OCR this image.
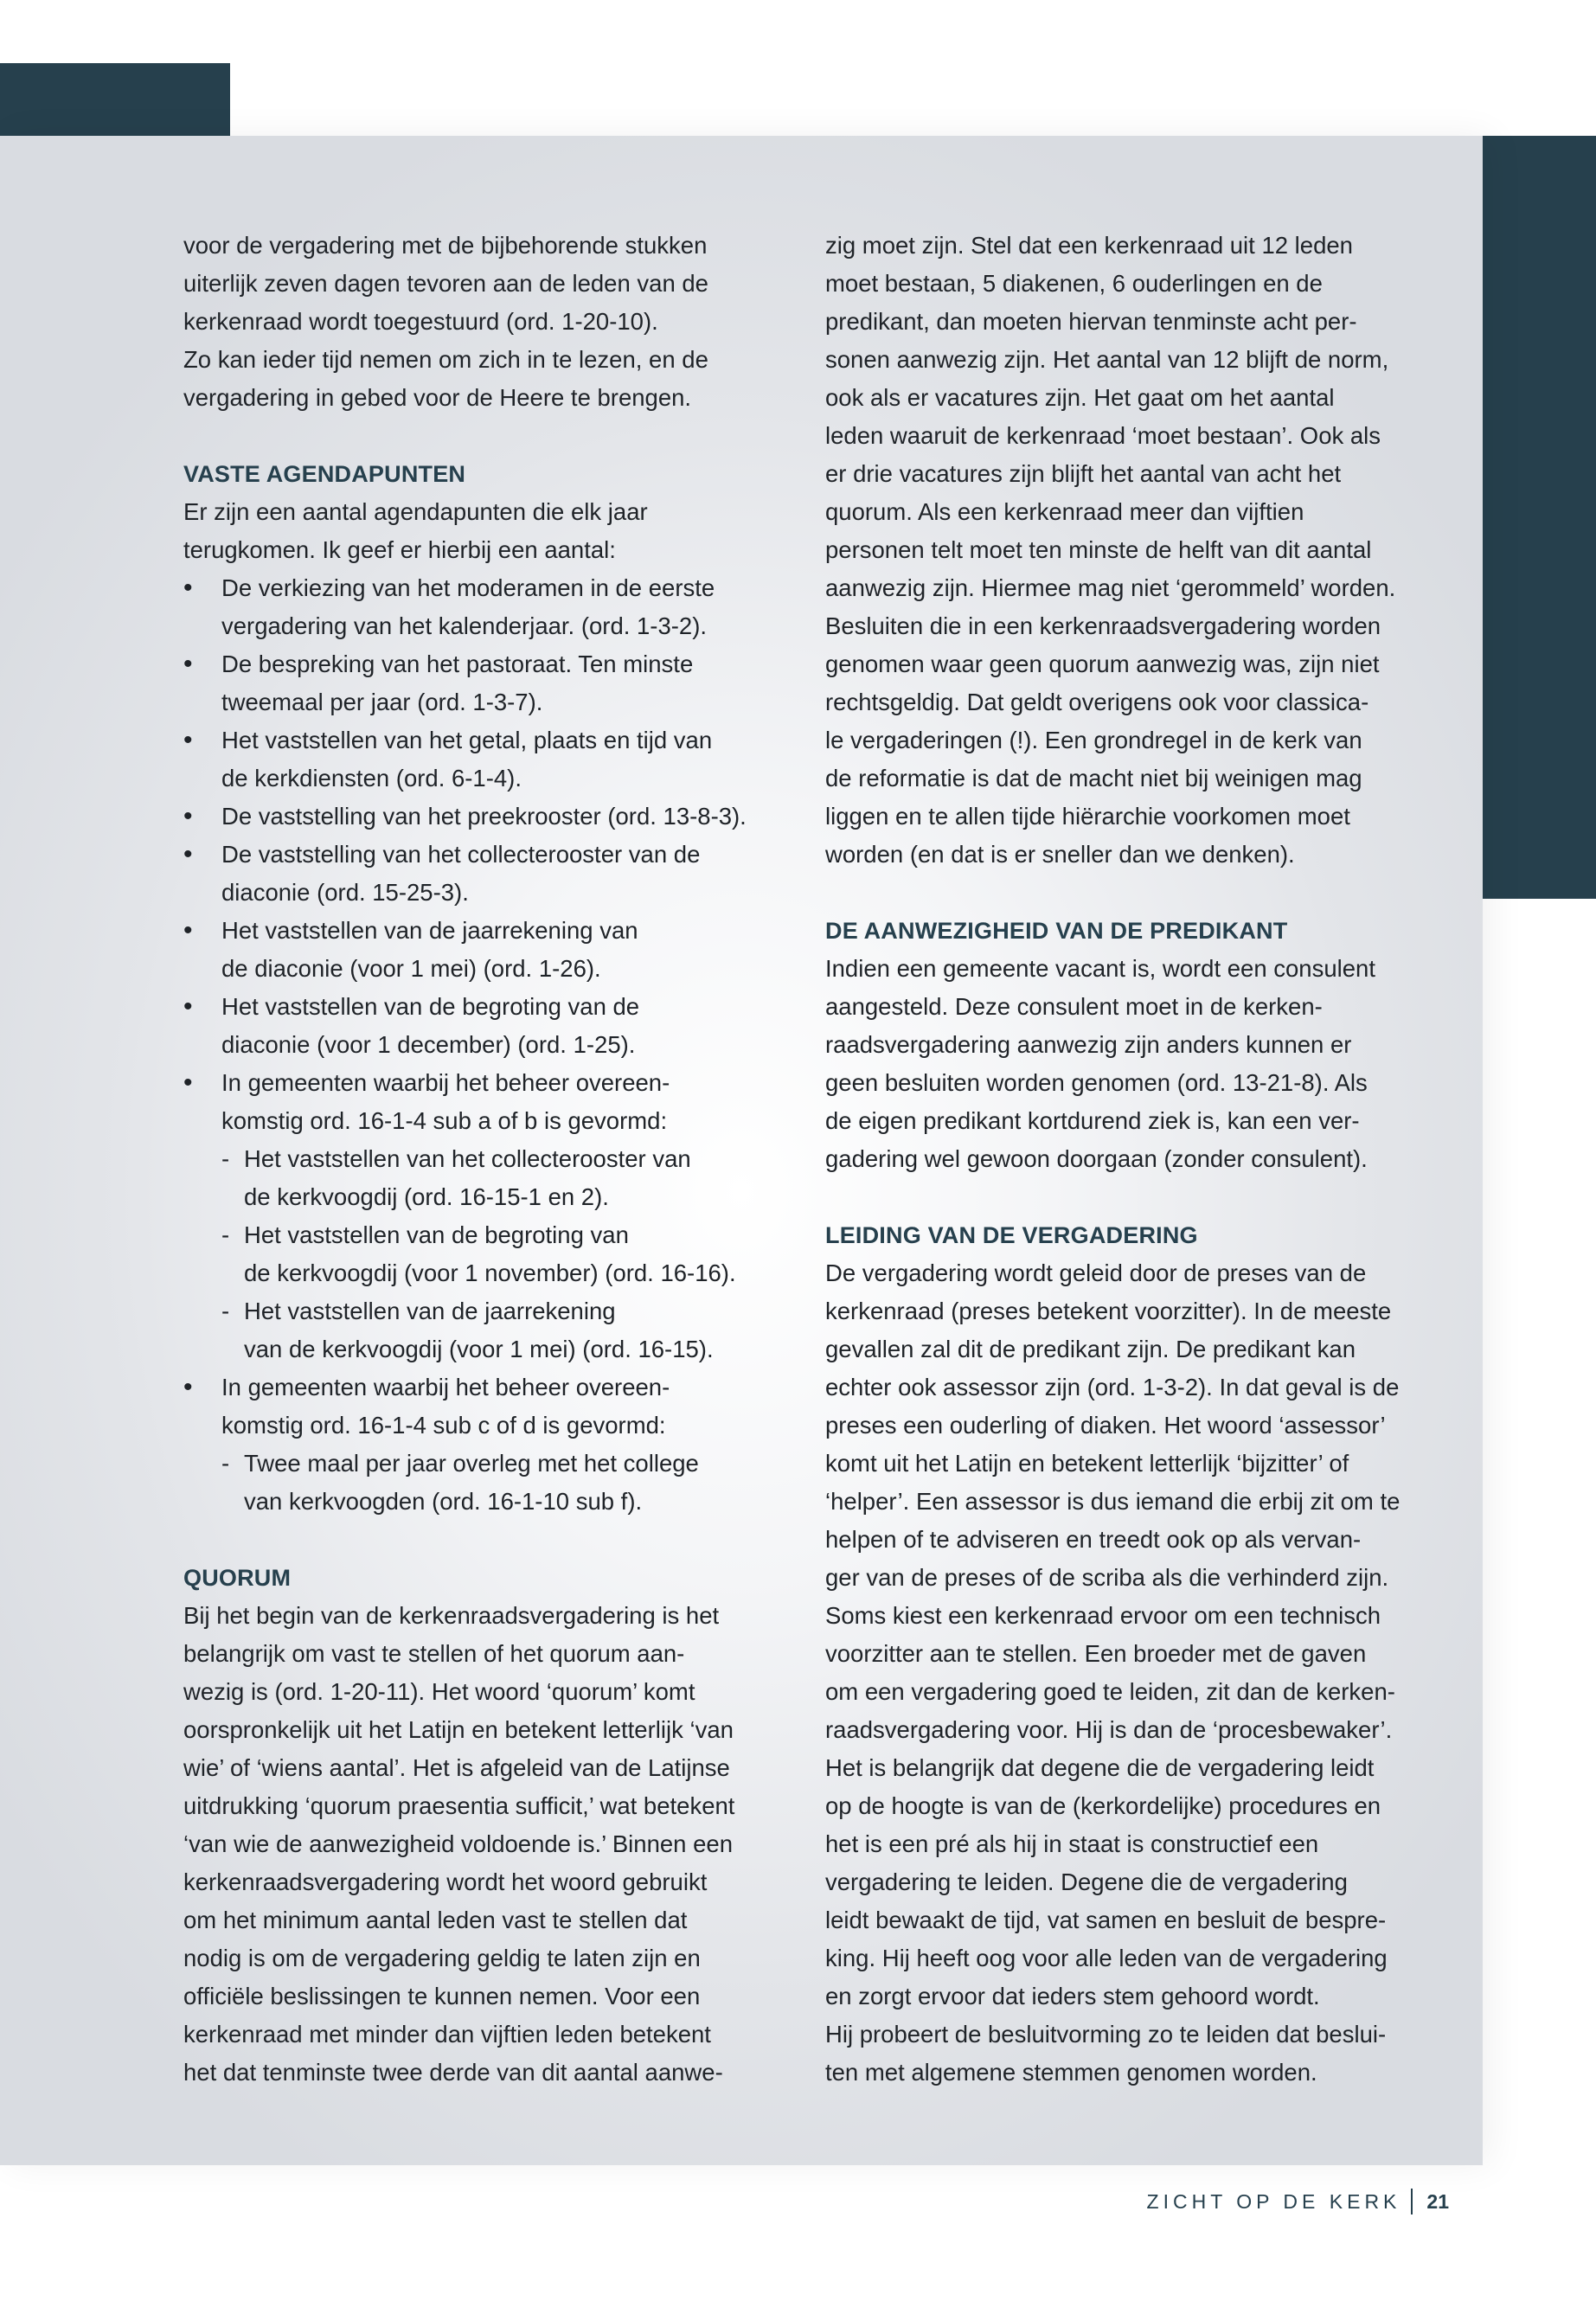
voor de vergadering met de bijbehorende stukken
uiterlijk zeven dagen tevoren aan de leden van de
kerkenraad wordt toegestuurd (ord. 1-20-10).
Zo kan ieder tijd nemen om zich in te lezen, en de
vergadering in gebed voor de Heere te brengen.
VASTE AGENDAPUNTEN
Er zijn een aantal agendapunten die elk jaar
terugkomen. Ik geef er hierbij een aantal:
• De verkiezing van het moderamen in de eerste
vergadering van het kalenderjaar. (ord. 1-3-2).
• De bespreking van het pastoraat. Ten minste
tweemaal per jaar (ord. 1-3-7).
• Het vaststellen van het getal, plaats en tijd van
de kerkdiensten (ord. 6-1-4).
• De vaststelling van het preekrooster (ord. 13-8-3).
• De vaststelling van het collecterooster van de
diaconie (ord. 15-25-3).
• Het vaststellen van de jaarrekening van
de diaconie (voor 1 mei) (ord. 1-26).
• Het vaststellen van de begroting van de
diaconie (voor 1 december) (ord. 1-25).
• In gemeenten waarbij het beheer overeen-
komstig ord. 16-1-4 sub a of b is gevormd:
- Het vaststellen van het collecterooster van
de kerkvoogdij (ord. 16-15-1 en 2).
- Het vaststellen van de begroting van
de kerkvoogdij (voor 1 november) (ord. 16-16).
- Het vaststellen van de jaarrekening
van de kerkvoogdij (voor 1 mei) (ord. 16-15).
• In gemeenten waarbij het beheer overeen-
komstig ord. 16-1-4 sub c of d is gevormd:
- Twee maal per jaar overleg met het college
van kerkvoogden (ord. 16-1-10 sub f).
QUORUM
Bij het begin van de kerkenraadsvergadering is het
belangrijk om vast te stellen of het quorum aan-
wezig is (ord. 1-20-11). Het woord ‘quorum’ komt
oorspronkelijk uit het Latijn en betekent letterlijk ‘van
wie’ of ‘wiens aantal’. Het is afgeleid van de Latijnse
uitdrukking ‘quorum praesentia sufficit,’ wat betekent
‘van wie de aanwezigheid voldoende is.’ Binnen een
kerkenraadsvergadering wordt het woord gebruikt
om het minimum aantal leden vast te stellen dat
nodig is om de vergadering geldig te laten zijn en
officiële beslissingen te kunnen nemen. Voor een
kerkenraad met minder dan vijftien leden betekent
het dat tenminste twee derde van dit aantal aanwe-
zig moet zijn. Stel dat een kerkenraad uit 12 leden
moet bestaan, 5 diakenen, 6 ouderlingen en de
predikant, dan moeten hiervan tenminste acht per-
sonen aanwezig zijn. Het aantal van 12 blijft de norm,
ook als er vacatures zijn. Het gaat om het aantal
leden waaruit de kerkenraad ‘moet bestaan’. Ook als
er drie vacatures zijn blijft het aantal van acht het
quorum. Als een kerkenraad meer dan vijftien
personen telt moet ten minste de helft van dit aantal
aanwezig zijn. Hiermee mag niet ‘gerommeld’ worden.
Besluiten die in een kerkenraadsvergadering worden
genomen waar geen quorum aanwezig was, zijn niet
rechtsgeldig. Dat geldt overigens ook voor classica-
le vergaderingen (!). Een grondregel in de kerk van
de reformatie is dat de macht niet bij weinigen mag
liggen en te allen tijde hiërarchie voorkomen moet
worden (en dat is er sneller dan we denken).
DE AANWEZIGHEID VAN DE PREDIKANT
Indien een gemeente vacant is, wordt een consulent
aangesteld. Deze consulent moet in de kerken-
raadsvergadering aanwezig zijn anders kunnen er
geen besluiten worden genomen (ord. 13-21-8). Als
de eigen predikant kortdurend ziek is, kan een ver-
gadering wel gewoon doorgaan (zonder consulent).
LEIDING VAN DE VERGADERING
De vergadering wordt geleid door de preses van de
kerkenraad (preses betekent voorzitter). In de meeste
gevallen zal dit de predikant zijn. De predikant kan
echter ook assessor zijn (ord. 1-3-2). In dat geval is de
preses een ouderling of diaken. Het woord ‘assessor’
komt uit het Latijn en betekent letterlijk ‘bijzitter’ of
‘helper’. Een assessor is dus iemand die erbij zit om te
helpen of te adviseren en treedt ook op als vervan-
ger van de preses of de scriba als die verhinderd zijn.
Soms kiest een kerkenraad ervoor om een technisch
voorzitter aan te stellen. Een broeder met de gaven
om een vergadering goed te leiden, zit dan de kerken-
raadsvergadering voor. Hij is dan de ‘procesbewaker’.
Het is belangrijk dat degene die de vergadering leidt
op de hoogte is van de (kerkordelijke) procedures en
het is een pré als hij in staat is constructief een
vergadering te leiden. Degene die de vergadering
leidt bewaakt de tijd, vat samen en besluit de bespre-
king. Hij heeft oog voor alle leden van de vergadering
en zorgt ervoor dat ieders stem gehoord wordt.
Hij probeert de besluitvorming zo te leiden dat beslui-
ten met algemene stemmen genomen worden.
ZICHT OP DE KERK 21
